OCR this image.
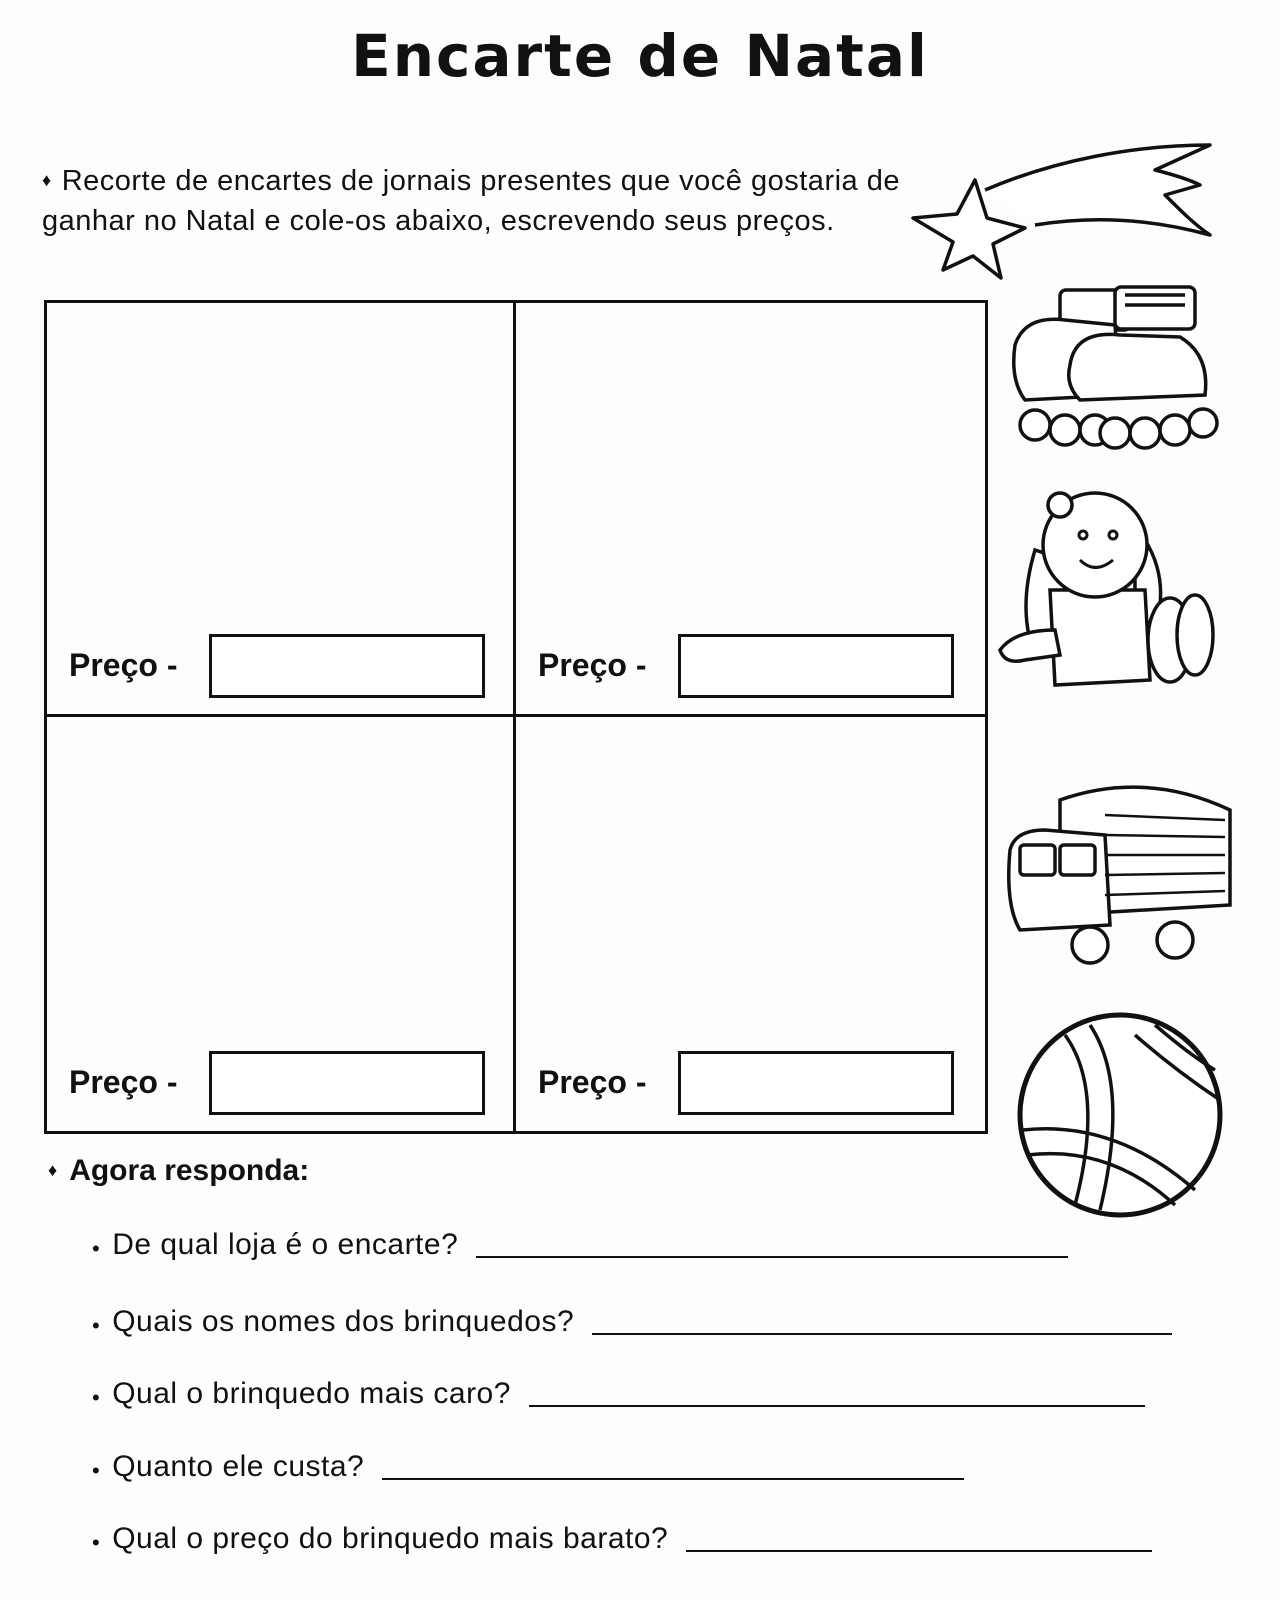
Encarte de Natal
♦ Recorte de encartes de jornais presentes que você gostaria de ganhar no Natal e cole-os abaixo, escrevendo seus preços.
Preço -	Preço -
Preço -	Preço -
♦ Agora responda:
• De qual loja é o encarte?
• Quais os nomes dos brinquedos?
• Qual o brinquedo mais caro?
• Quanto ele custa?
• Qual o preço do brinquedo mais barato?
